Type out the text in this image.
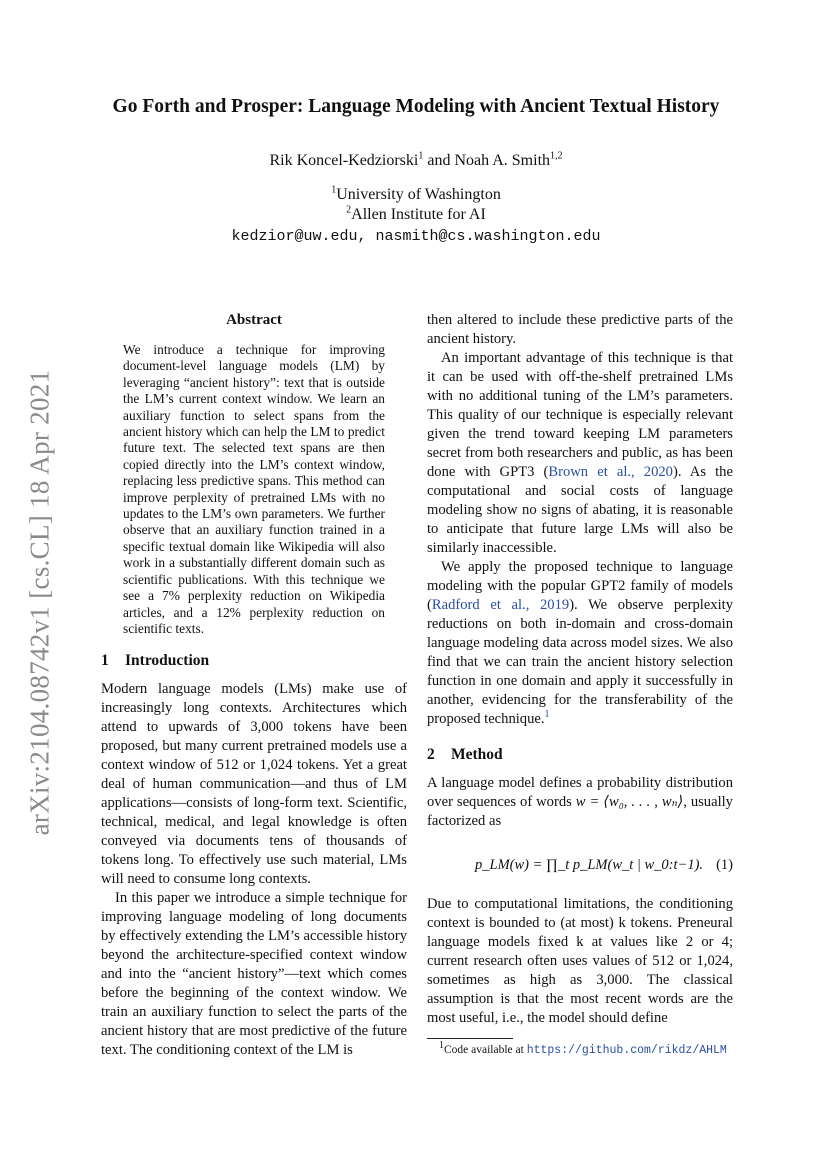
arXiv:2104.08742v1 [cs.CL] 18 Apr 2021
Go Forth and Prosper: Language Modeling with Ancient Textual History
Rik Koncel-Kedziorski$^1$ and Noah A. Smith$^{1,2}$
$^1$University of Washington
$^2$Allen Institute for AI
kedzior@uw.edu, nasmith@cs.washington.edu
Abstract
We introduce a technique for improving document-level language models (LM) by leveraging “ancient history”: text that is outside the LM’s current context window. We learn an auxiliary function to select spans from the ancient history which can help the LM to predict future text. The selected text spans are then copied directly into the LM’s context window, replacing less predictive spans. This method can improve perplexity of pretrained LMs with no updates to the LM’s own parameters. We further observe that an auxiliary function trained in a specific textual domain like Wikipedia will also work in a substantially different domain such as scientific publications. With this technique we see a 7% perplexity reduction on Wikipedia articles, and a 12% perplexity reduction on scientific texts.
1 Introduction

Modern language models (LMs) make use of increasingly long contexts. Architectures which attend to upwards of 3,000 tokens have been proposed, but many current pretrained models use a context window of 512 or 1,024 tokens. Yet a great deal of human communication—and thus of LM applications—consists of long-form text. Scientific, technical, medical, and legal knowledge is often conveyed via documents tens of thousands of tokens long. To effectively use such material, LMs will need to consume long contexts.

In this paper we introduce a simple technique for improving language modeling of long documents by effectively extending the LM’s accessible history beyond the architecture-specified context window and into the “ancient history”—text which comes before the beginning of the context window. We train an auxiliary function to select the parts of the ancient history that are most predictive of the future text. The conditioning context of the LM is

then altered to include these predictive parts of the ancient history.

An important advantage of this technique is that it can be used with off-the-shelf pretrained LMs with no additional tuning of the LM’s parameters. This quality of our technique is especially relevant given the trend toward keeping LM parameters secret from both researchers and public, as has been done with GPT3 (Brown et al., 2020). As the computational and social costs of language modeling show no signs of abating, it is reasonable to anticipate that future large LMs will also be similarly inaccessible.

We apply the proposed technique to language modeling with the popular GPT2 family of models (Radford et al., 2019). We observe perplexity reductions on both in-domain and cross-domain language modeling data across model sizes. We also find that we can train the ancient history selection function in one domain and apply it successfully in another, evidencing for the transferability of the proposed technique.$^1$

2 Method

A language model defines a probability distribution over sequences of words w = ⟨w₀, . . . , wₙ⟩, usually factorized as

p_LM(w) = ∏_t p_LM(w_t | w_0:t−1). (1)

Due to computational limitations, the conditioning context is bounded to (at most) k tokens. Preneural language models fixed k at values like 2 or 4; current research often uses values of 512 or 1,024, sometimes as high as 3,000. The classical assumption is that the most recent words are the most useful, i.e., the model should define

$^1$Code available at https://github.com/rikdz/AHLM
